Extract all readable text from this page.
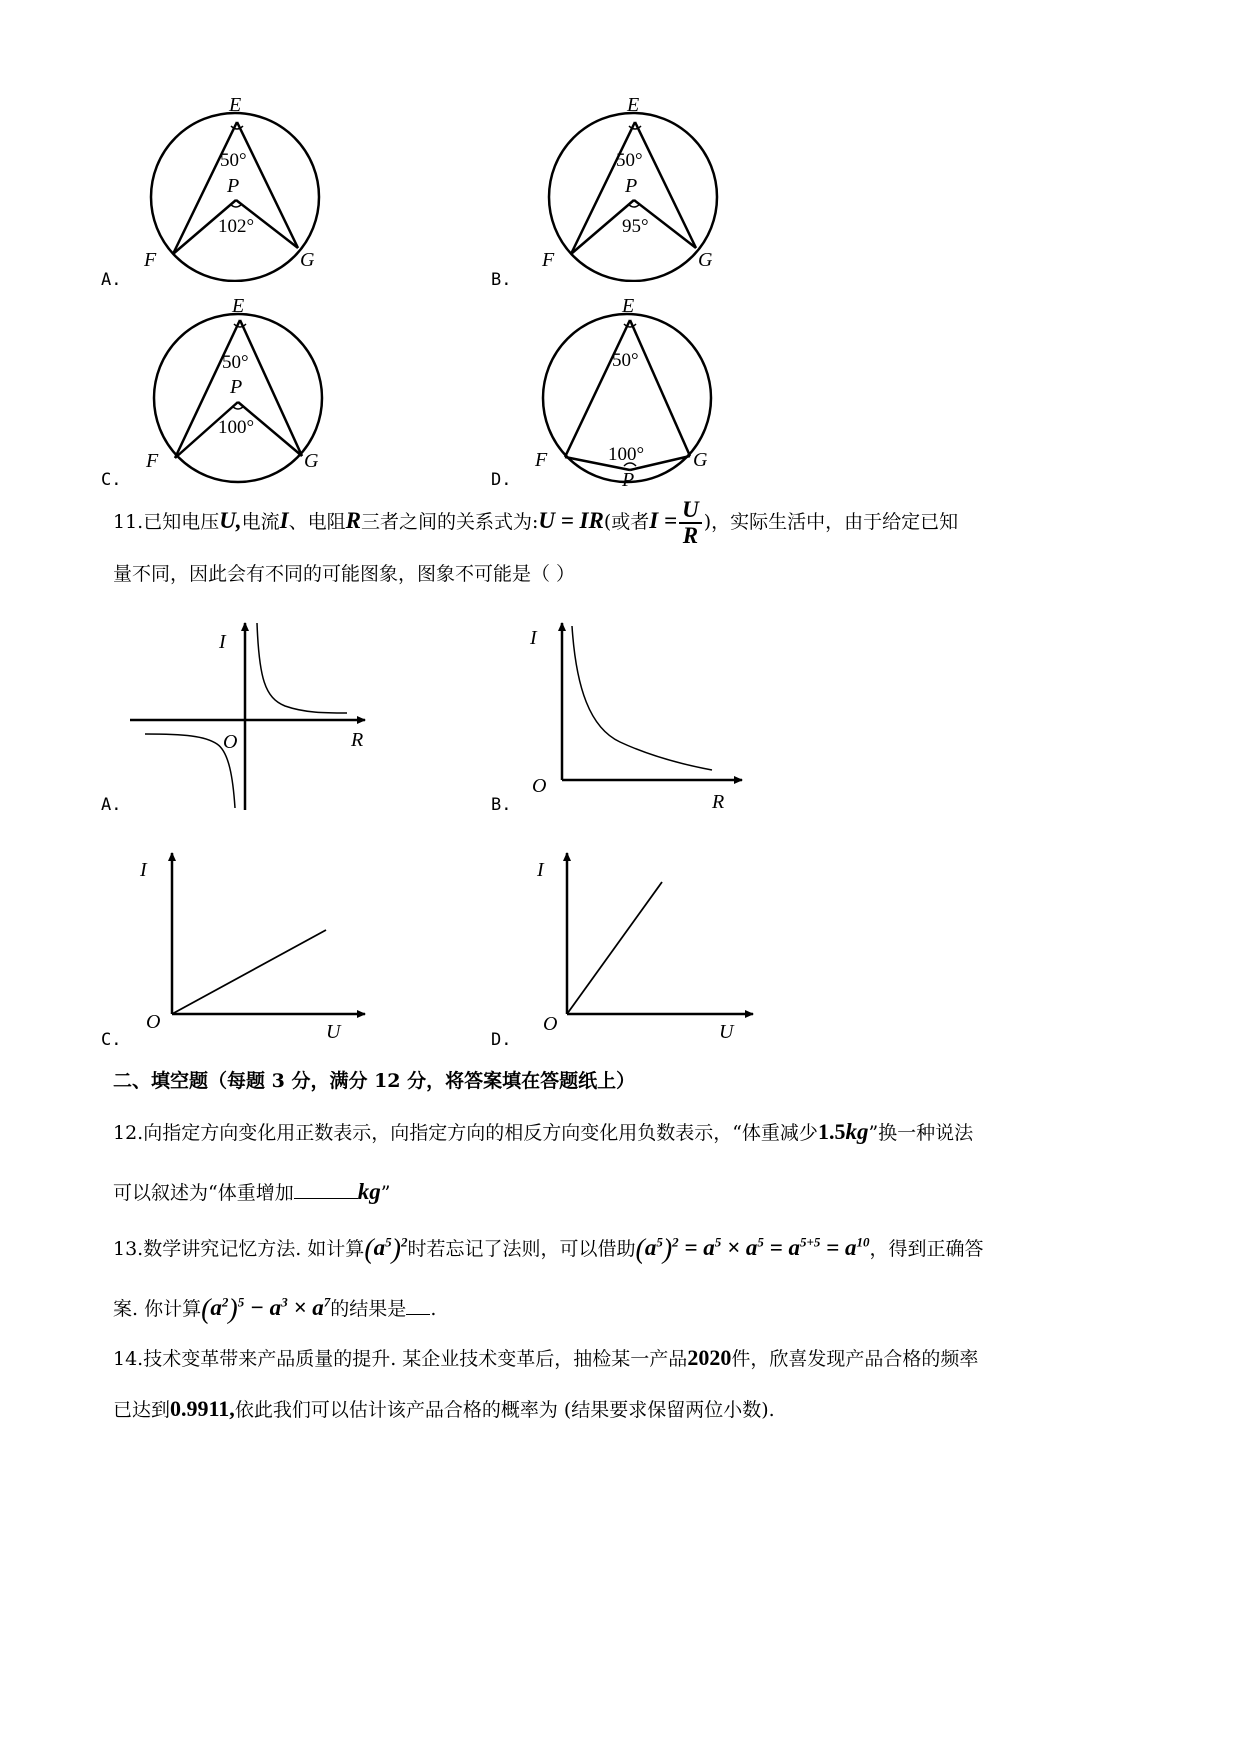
E
50°
P
102°
F	G
A.
E
50°
P
95°
F	G
B.
E
50°
P
100°
F	G
C.
E
50°
100°
P
F	G
D.
11.已知电压U,电流I、电阻R三者之间的关系式为:U = IR(或者$I = \frac{U}{R}$ )，实际生活中，由于给定已知
量不同，因此会有不同的可能图象，图象不可能是（ ）
I
R
O
A.
I
R
O
B.
I
U
O
C.
I
U
O
D.
二、填空题（每题 3 分，满分 12 分，将答案填在答题纸上）
12.向指定方向变化用正数表示，向指定方向的相反方向变化用负数表示，“体重减少1.5kg”换一种说法
可以叙述为“体重增加	kg”
13.数学讲究记忆方法. 如计算$(a^5)^2$时若忘记了法则，可以借助$(a^5)^2 = a^5 \times a^5 = a^{5+5} = a^{10}$，得到正确答
案. 你计算$(a^2)^5 - a^3 \times a^7$的结果是 .
14.技术变革带来产品质量的提升. 某企业技术变革后，抽检某一产品2020件，欣喜发现产品合格的频率
已达到0.9911,依此我们可以估计该产品合格的概率为 (结果要求保留两位小数).
